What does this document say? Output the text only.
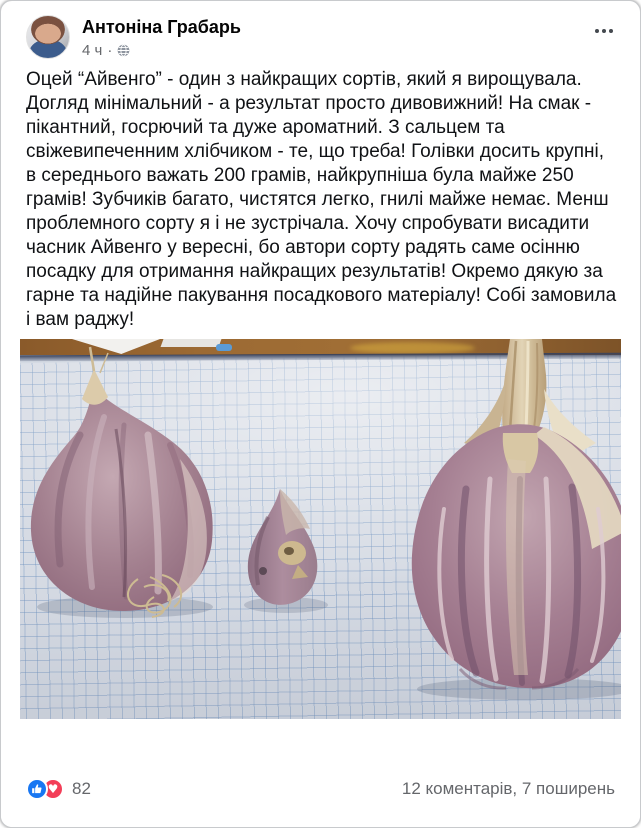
Антоніна Грабарь
4 ч ·
Оцей “Айвенго” - один з найкращих сортів, який я вирощувала. Догляд мінімальний - а результат просто дивовижний! На смак - пікантний, госрючий та дуже ароматний. З сальцем та свіжевипеченним хлібчиком - те, що треба! Голівки досить крупні, в середнього важать 200 грамів, найкрупніша була майже 250 грамів! Зубчиків багато, чистятся легко, гнилі майже немає. Менш проблемного сорту я і не зустрічала. Хочу спробувати висадити часник Айвенго у вересні, бо автори сорту радять саме осінню посадку для отримання найкращих результатів! Окремо дякую за гарне та надійне пакування посадкового матеріалу! Собі замовила і вам раджу!
♥ 82	12 коментарів, 7 поширень
